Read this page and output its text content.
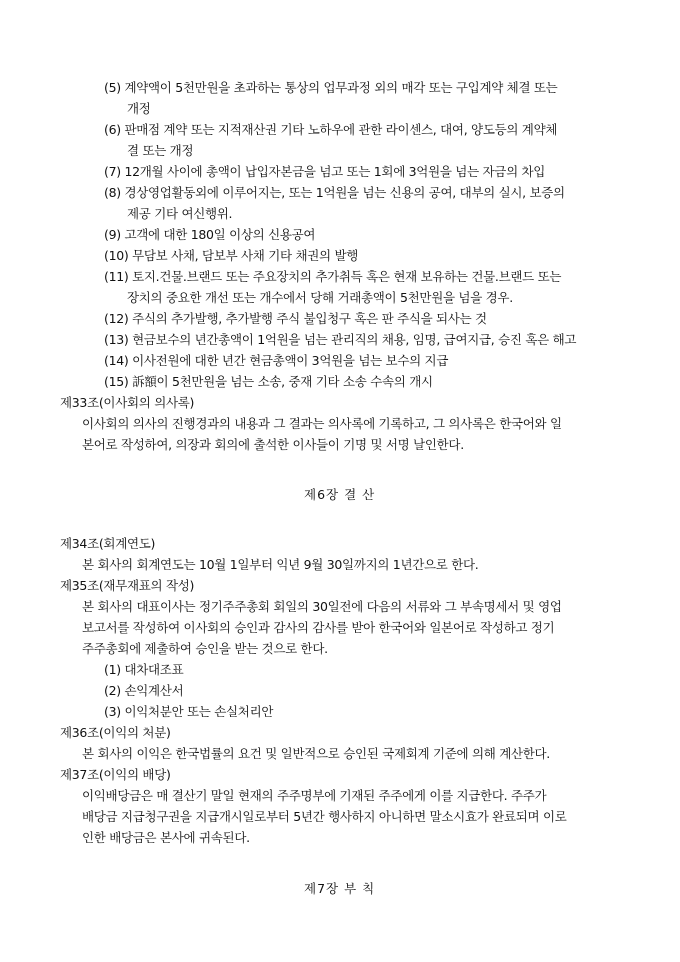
(5) 계약액이 5천만원을 초과하는 통상의 업무과정 외의 매각 또는 구입계약 체결 또는
개정
(6) 판매점 계약 또는 지적재산권 기타 노하우에 관한 라이센스, 대여, 양도등의 계약체
결 또는 개정
(7) 12개월 사이에 총액이 납입자본금을 넘고 또는 1회에 3억원을 넘는 자금의 차입
(8) 경상영업활동외에 이루어지는, 또는 1억원을 넘는 신용의 공여, 대부의 실시, 보증의
제공 기타 여신행위.
(9) 고객에 대한 180일 이상의 신용공여
(10) 무담보 사채, 담보부 사채 기타 채권의 발행
(11) 토지.건물.브랜드 또는 주요장치의 추가취득 혹은 현재 보유하는 건물.브랜드 또는
장치의 중요한 개선 또는 개수에서 당해 거래총액이 5천만원을 넘을 경우.
(12) 주식의 추가발행, 추가발행 주식 불입청구 혹은 판 주식을 되사는 것
(13) 현금보수의 년간총액이 1억원을 넘는 관리직의 채용, 임명, 급여지급, 승진 혹은 해고
(14) 이사전원에 대한 년간 현금총액이 3억원을 넘는 보수의 지급
(15) 訴額이 5천만원을 넘는 소송, 중재 기타 소송 수속의 개시
제33조(이사회의 의사록)
이사회의 의사의 진행경과의 내용과 그 결과는 의사록에 기록하고, 그 의사록은 한국어와 일
본어로 작성하여, 의장과 회의에 출석한 이사들이 기명 및 서명 날인한다.
제6장 결 산
제34조(회계연도)
본 회사의 회계연도는 10월 1일부터 익년 9월 30일까지의 1년간으로 한다.
제35조(재무재표의 작성)
본 회사의 대표이사는 정기주주총회 회일의 30일전에 다음의 서류와 그 부속명세서 및 영업
보고서를 작성하여 이사회의 승인과 감사의 감사를 받아 한국어와 일본어로 작성하고 정기
주주총회에 제출하여 승인을 받는 것으로 한다.
(1) 대차대조표
(2) 손익계산서
(3) 이익처분안 또는 손실처리안
제36조(이익의 처분)
본 회사의 이익은 한국법률의 요건 및 일반적으로 승인된 국제회계 기준에 의해 계산한다.
제37조(이익의 배당)
이익배당금은 매 결산기 말일 현재의 주주명부에 기재된 주주에게 이를 지급한다. 주주가
배당금 지급청구권을 지급개시일로부터 5년간 행사하지 아니하면 말소시효가 완료되며 이로
인한 배당금은 본사에 귀속된다.
제7장 부 칙
